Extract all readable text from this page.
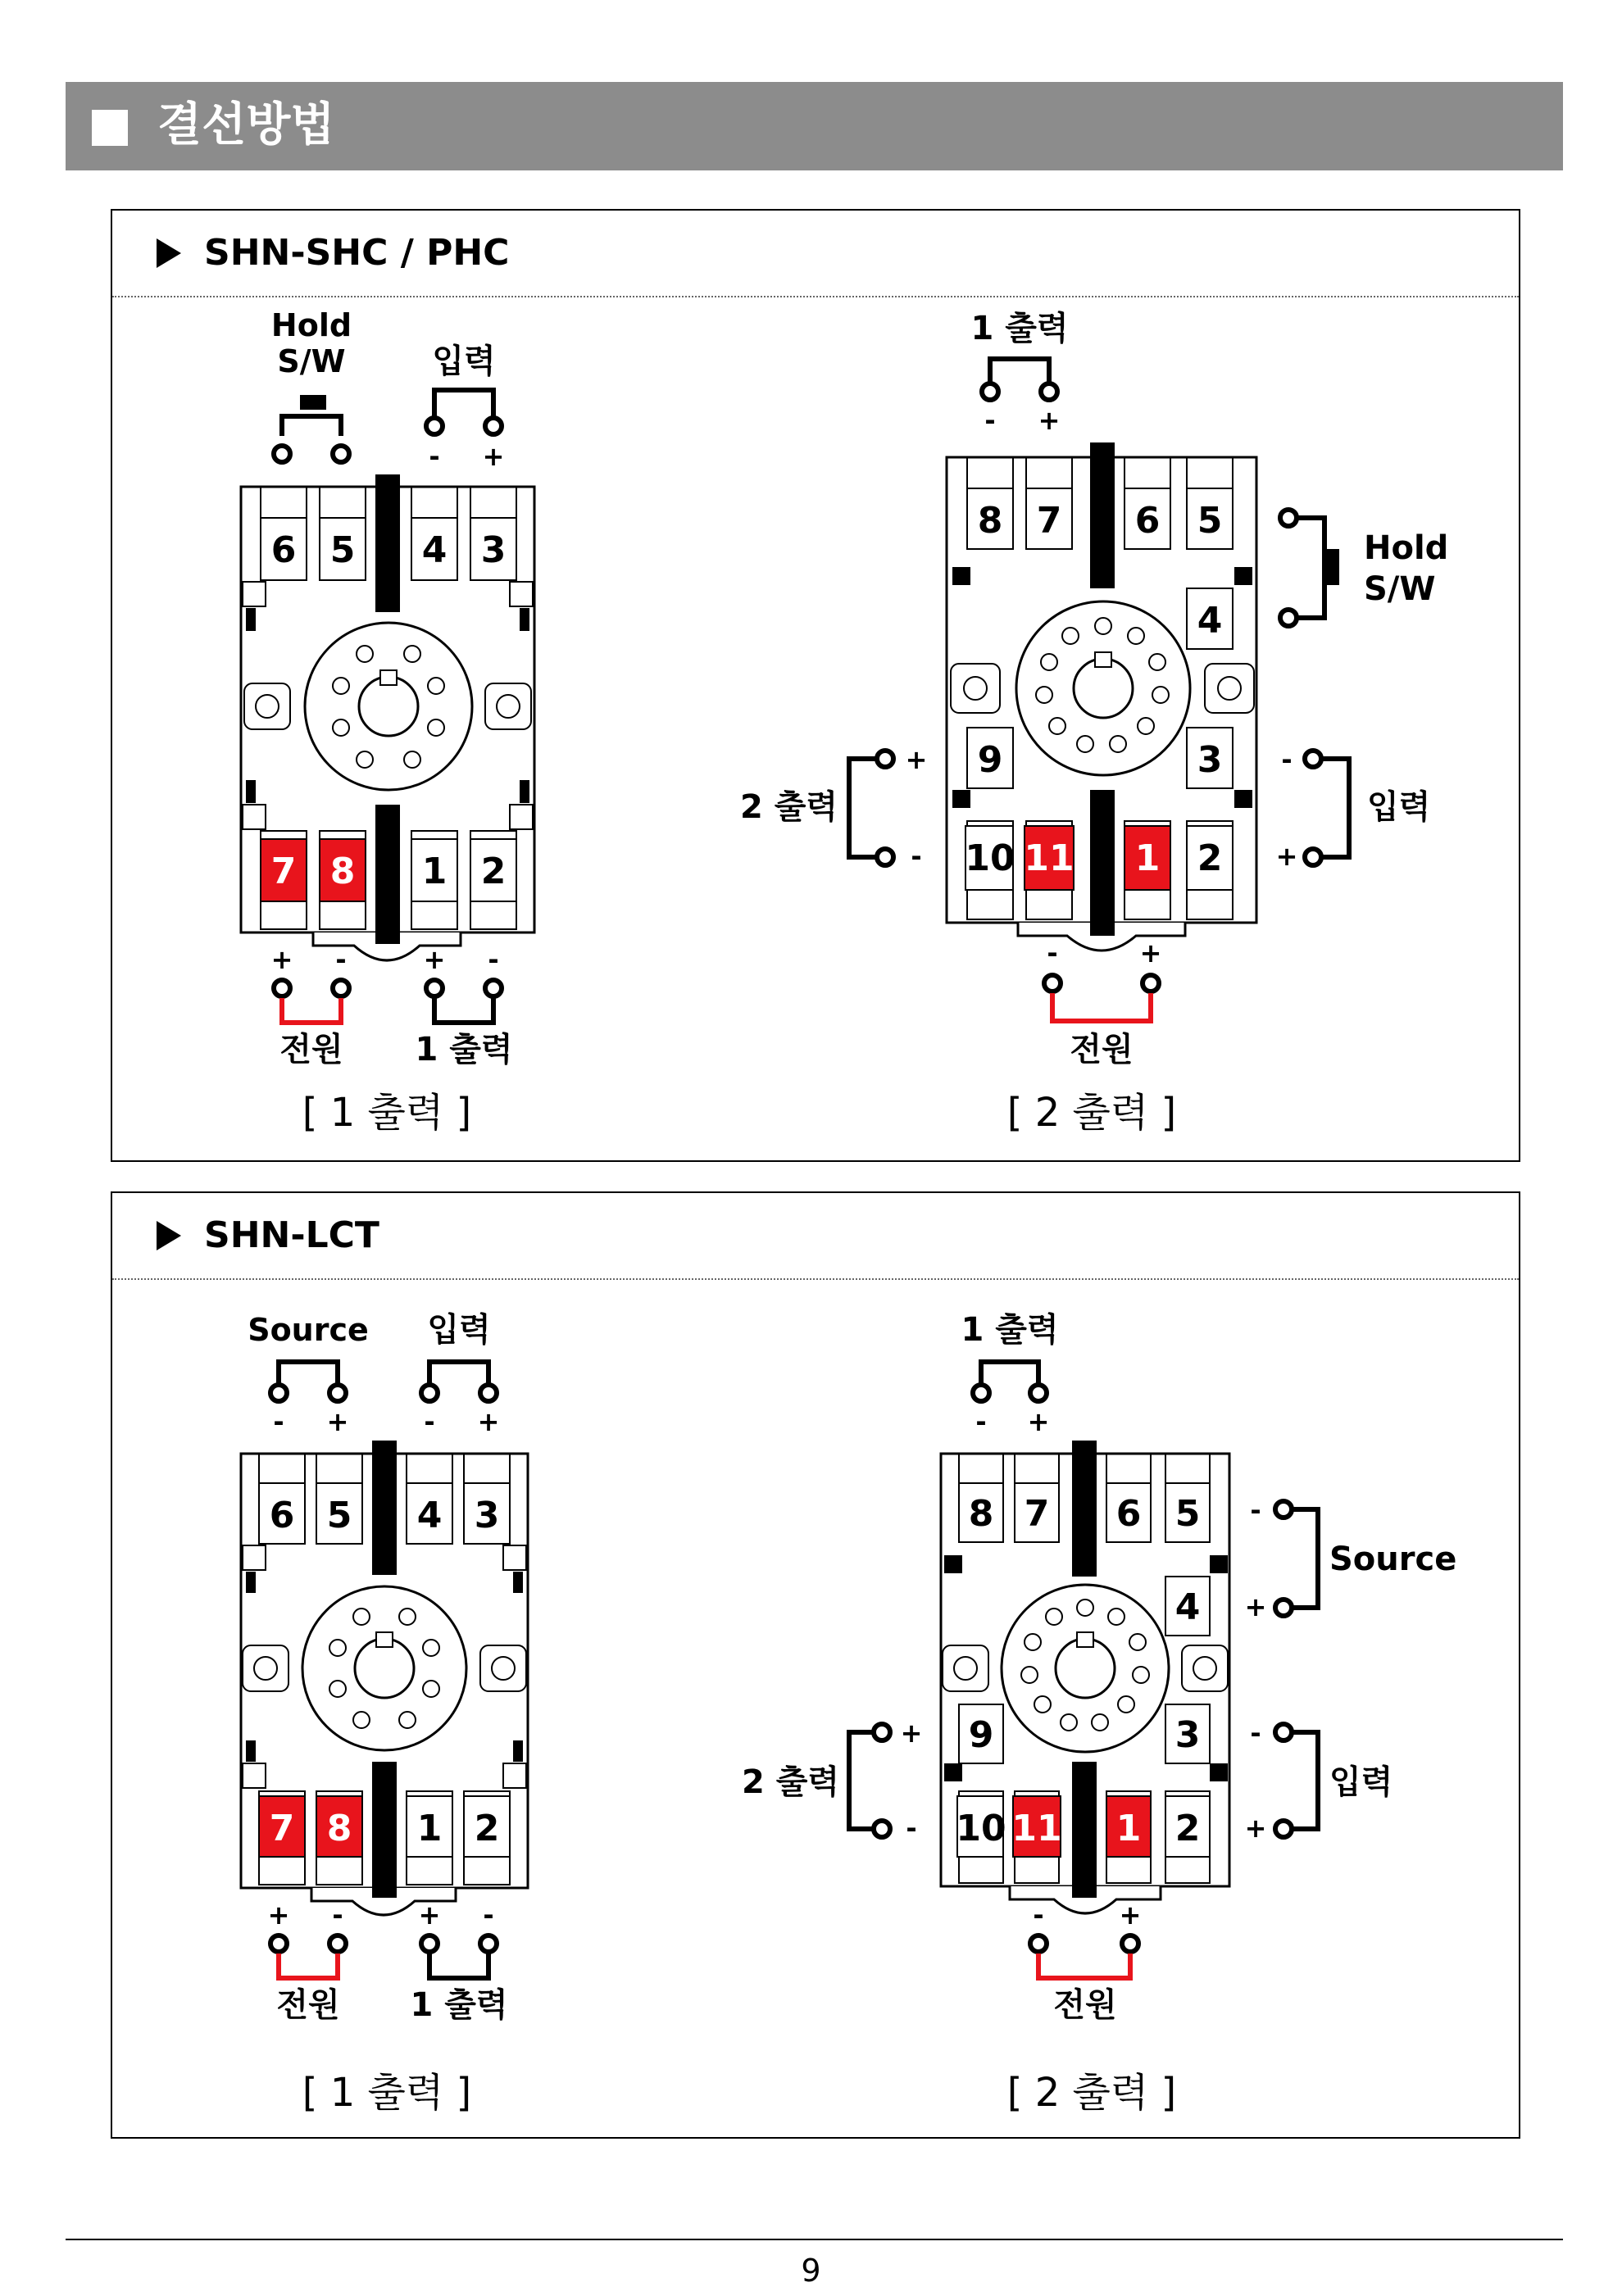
결선방법
SHN-SHC / PHC
6 5 4 3
7 8 1 2
Hold
S/W	입력
- +
+ -	+ -
전원 1 출력
[ 1 출력 ]
8 7 6 5
4
9	3
10 11 1 2
1 출력
- +
Hold
S/W
2 출력
+
-
-
+
입력
-	+
전원
[ 2 출력 ]
SHN-LCT
6 5 4 3
7 8 1 2
Source
- +
입력
- +
+ -	+ -
전원 1 출력
[ 1 출력 ]
8 7 6 5
4
9	3
10 11 1 2
1 출력
- +
-
+
Source
2 출력
+
-
-
+
입력
-	+
전원
[ 2 출력 ]
9
